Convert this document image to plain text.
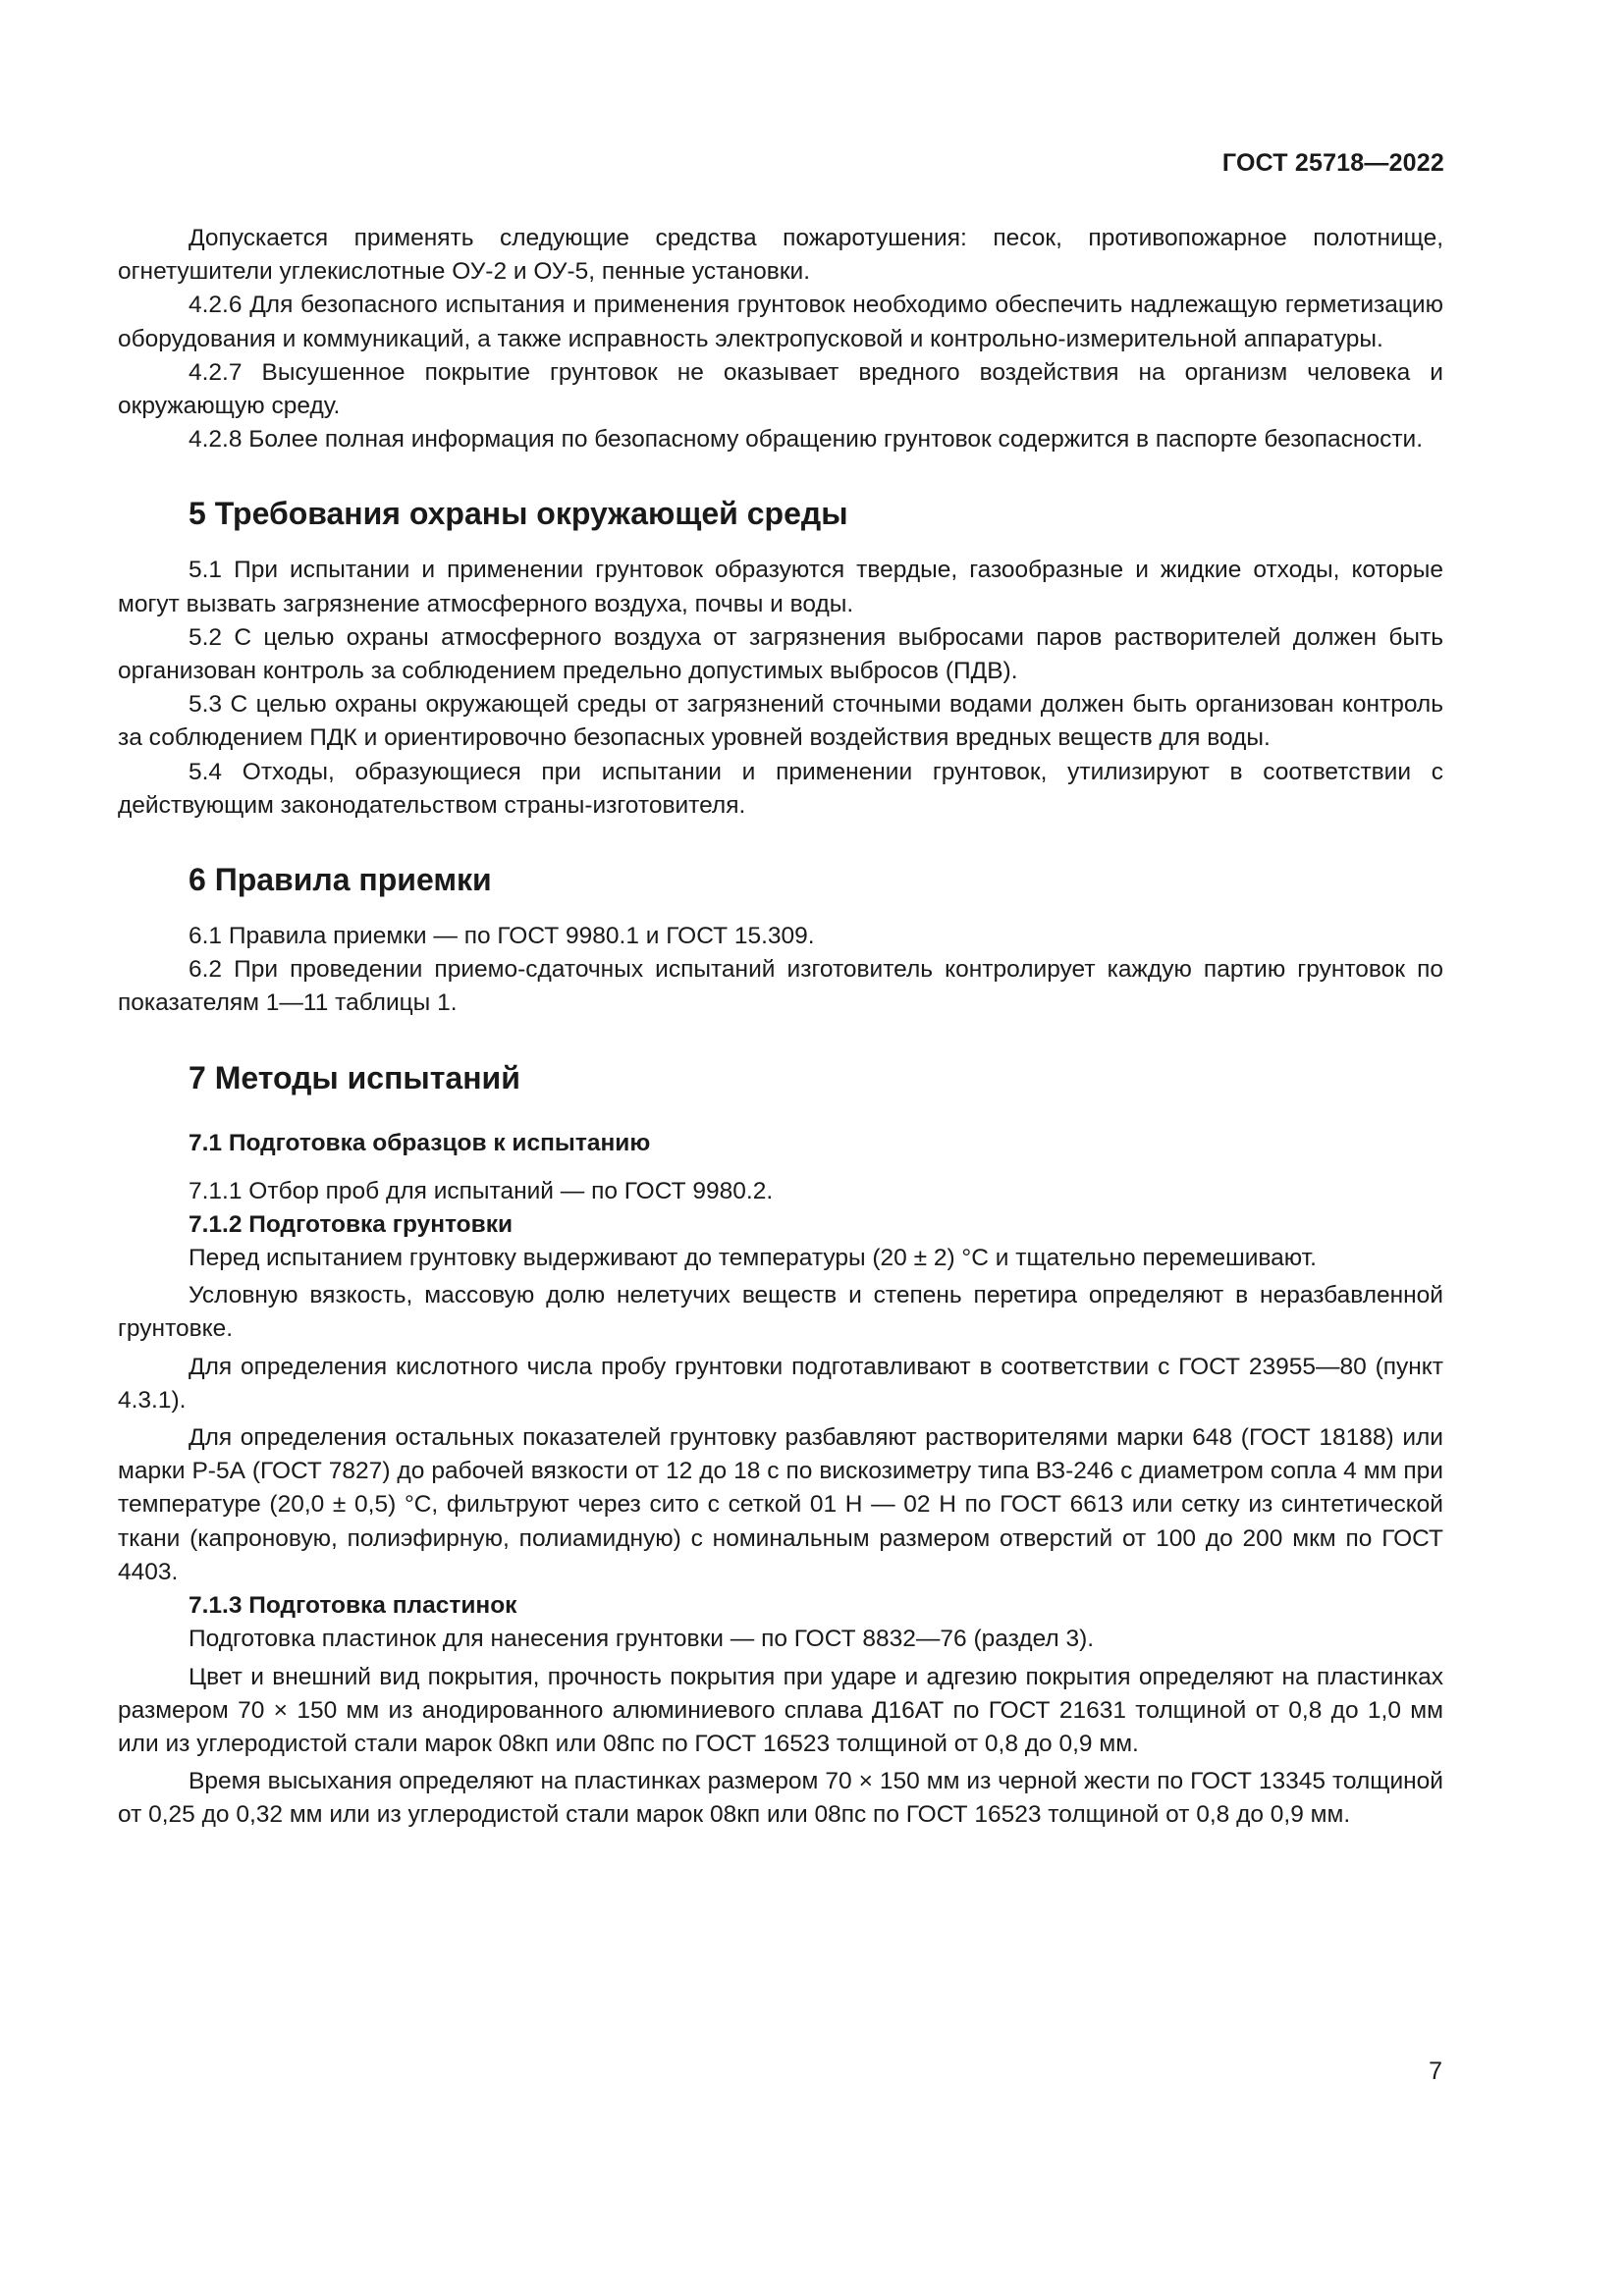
ГОСТ 25718—2022

Допускается применять следующие средства пожаротушения: песок, противопожарное полотнище, огнетушители углекислотные ОУ-2 и ОУ-5, пенные установки.

4.2.6 Для безопасного испытания и применения грунтовок необходимо обеспечить надлежащую герметизацию оборудования и коммуникаций, а также исправность электропусковой и контрольно-измерительной аппаратуры.

4.2.7 Высушенное покрытие грунтовок не оказывает вредного воздействия на организм человека и окружающую среду.

4.2.8 Более полная информация по безопасному обращению грунтовок содержится в паспорте безопасности.

5 Требования охраны окружающей среды

5.1 При испытании и применении грунтовок образуются твердые, газообразные и жидкие отходы, которые могут вызвать загрязнение атмосферного воздуха, почвы и воды.

5.2 С целью охраны атмосферного воздуха от загрязнения выбросами паров растворителей должен быть организован контроль за соблюдением предельно допустимых выбросов (ПДВ).

5.3 С целью охраны окружающей среды от загрязнений сточными водами должен быть организован контроль за соблюдением ПДК и ориентировочно безопасных уровней воздействия вредных веществ для воды.

5.4 Отходы, образующиеся при испытании и применении грунтовок, утилизируют в соответствии с действующим законодательством страны-изготовителя.

6 Правила приемки

6.1 Правила приемки — по ГОСТ 9980.1 и ГОСТ 15.309.

6.2 При проведении приемо-сдаточных испытаний изготовитель контролирует каждую партию грунтовок по показателям 1—11 таблицы 1.

7 Методы испытаний
7.1 Подготовка образцов к испытанию

7.1.1 Отбор проб для испытаний — по ГОСТ 9980.2.

7.1.2 Подготовка грунтовки

Перед испытанием грунтовку выдерживают до температуры (20 ± 2) °С и тщательно перемешивают.

Условную вязкость, массовую долю нелетучих веществ и степень перетира определяют в неразбавленной грунтовке.

Для определения кислотного числа пробу грунтовки подготавливают в соответствии с ГОСТ 23955—80 (пункт 4.3.1).

Для определения остальных показателей грунтовку разбавляют растворителями марки 648 (ГОСТ 18188) или марки Р-5А (ГОСТ 7827) до рабочей вязкости от 12 до 18 с по вискозиметру типа ВЗ-246 с диаметром сопла 4 мм при температуре (20,0 ± 0,5) °С, фильтруют через сито с сеткой 01 Н — 02 Н по ГОСТ 6613 или сетку из синтетической ткани (капроновую, полиэфирную, полиамидную) с номинальным размером отверстий от 100 до 200 мкм по ГОСТ 4403.

7.1.3 Подготовка пластинок

Подготовка пластинок для нанесения грунтовки — по ГОСТ 8832—76 (раздел 3).

Цвет и внешний вид покрытия, прочность покрытия при ударе и адгезию покрытия определяют на пластинках размером 70 × 150 мм из анодированного алюминиевого сплава Д16АТ по ГОСТ 21631 толщиной от 0,8 до 1,0 мм или из углеродистой стали марок 08кп или 08пс по ГОСТ 16523 толщиной от 0,8 до 0,9 мм.

Время высыхания определяют на пластинках размером 70 × 150 мм из черной жести по ГОСТ 13345 толщиной от 0,25 до 0,32 мм или из углеродистой стали марок 08кп или 08пс по ГОСТ 16523 толщиной от 0,8 до 0,9 мм.

7
